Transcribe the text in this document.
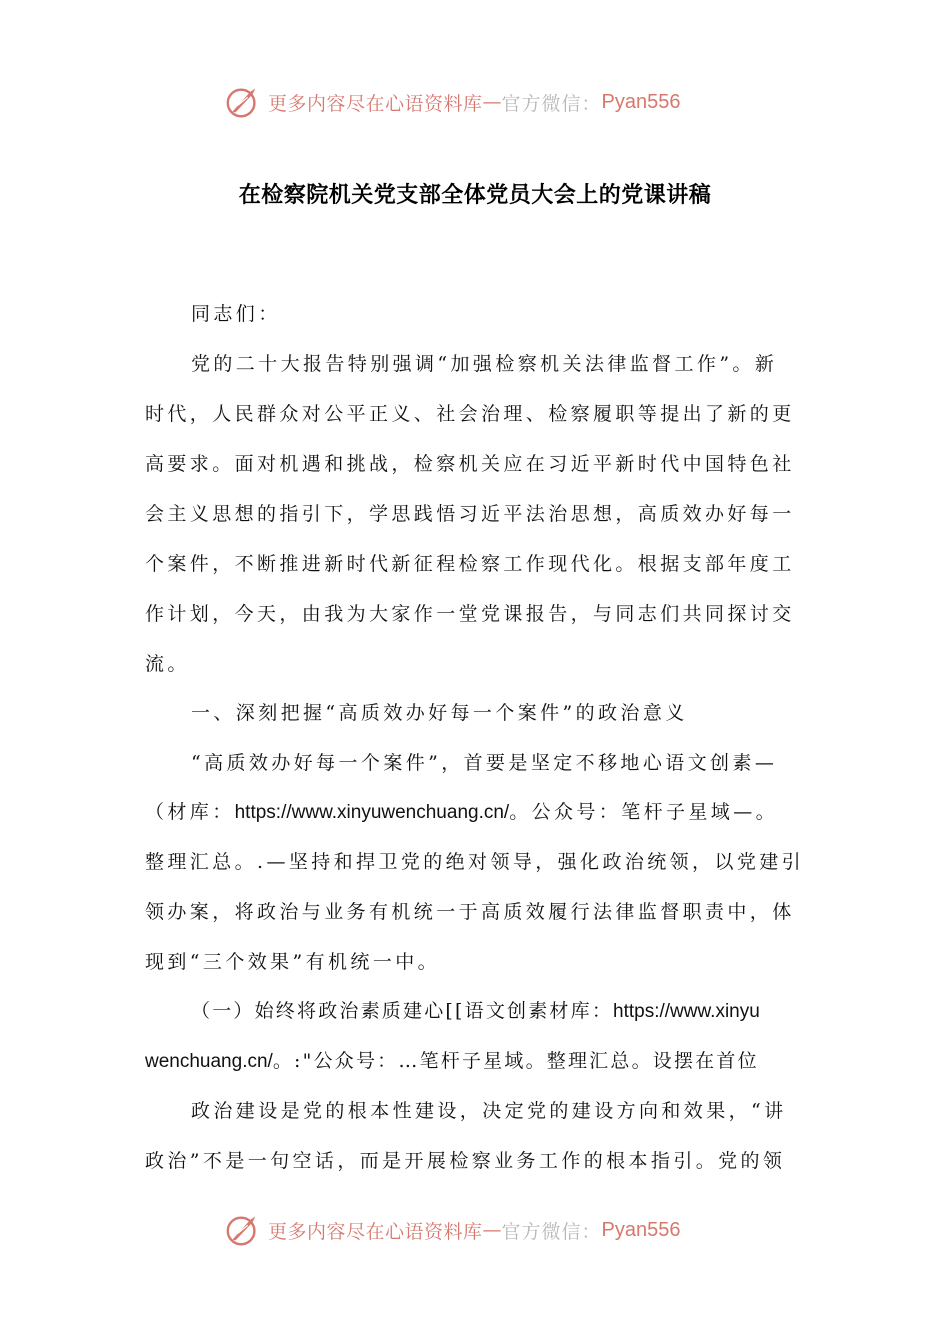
更多内容尽在心语资料库 — 官方微信： Pyan556
在检察院机关党支部全体党员大会上的党课讲稿
同志们：
党的二十大报告特别强调“加强检察机关法律监督工作”。新
时代，人民群众对公平正义、社会治理、检察履职等提出了新的更
高要求。面对机遇和挑战，检察机关应在习近平新时代中国特色社
会主义思想的指引下，学思践悟习近平法治思想，高质效办好每一
个案件，不断推进新时代新征程检察工作现代化。根据支部年度工
作计划，今天，由我为大家作一堂党课报告，与同志们共同探讨交
流。
一、深刻把握“高质效办好每一个案件”的政治意义
“高质效办好每一个案件”，首要是坚定不移地心语文创素—
（材库：https://www.xinyuwenchuang.cn/。公众号：笔杆子星域—。
整理汇总。.—坚持和捍卫党的绝对领导，强化政治统领，以党建引
领办案，将政治与业务有机统一于高质效履行法律监督职责中，体
现到“三个效果”有机统一中。
（一）始终将政治素质建心[[语文创素材库：https://www.xinyu
wenchuang.cn/。:"公众号：…笔杆子星域。整理汇总。设摆在首位
政治建设是党的根本性建设，决定党的建设方向和效果，“讲
政治”不是一句空话，而是开展检察业务工作的根本指引。党的领
更多内容尽在心语资料库 — 官方微信： Pyan556
